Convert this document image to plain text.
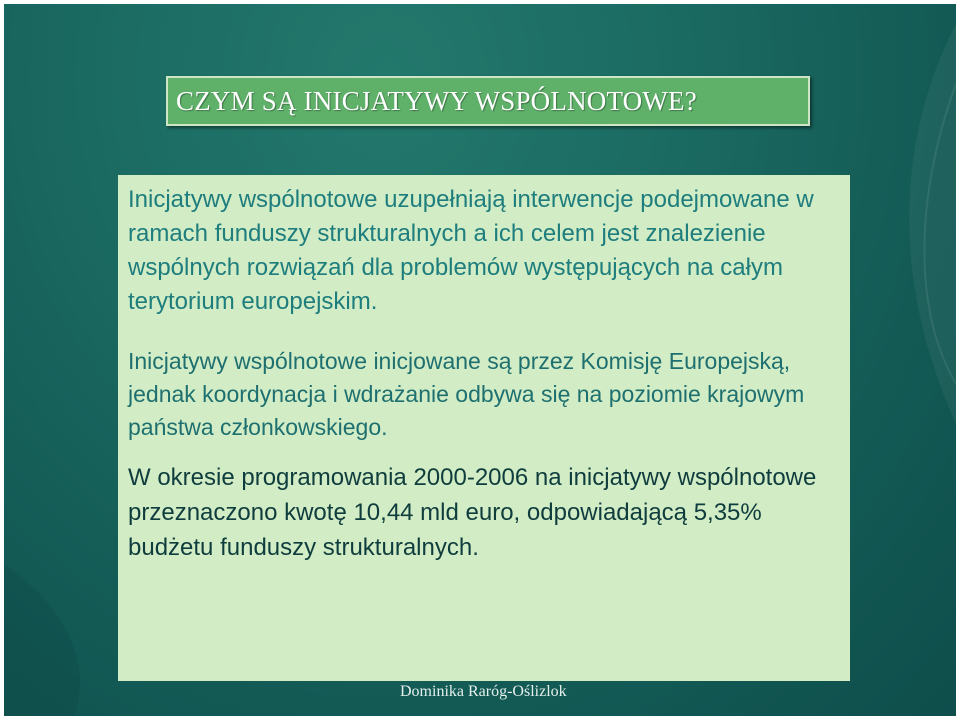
CZYM SĄ INICJATYWY WSPÓLNOTOWE?

Inicjatywy wspólnotowe uzupełniają interwencje podejmowane w ramach funduszy strukturalnych a ich celem jest znalezienie wspólnych rozwiązań dla problemów występujących na całym terytorium europejskim.

Inicjatywy wspólnotowe inicjowane są przez Komisję Europejską, jednak koordynacja i wdrażanie odbywa się na poziomie krajowym państwa członkowskiego.

W okresie programowania 2000-2006 na inicjatywy wspólnotowe przeznaczono kwotę 10,44 mld euro, odpowiadającą 5,35% budżetu funduszy strukturalnych.

Dominika Raróg-Oślizlok
